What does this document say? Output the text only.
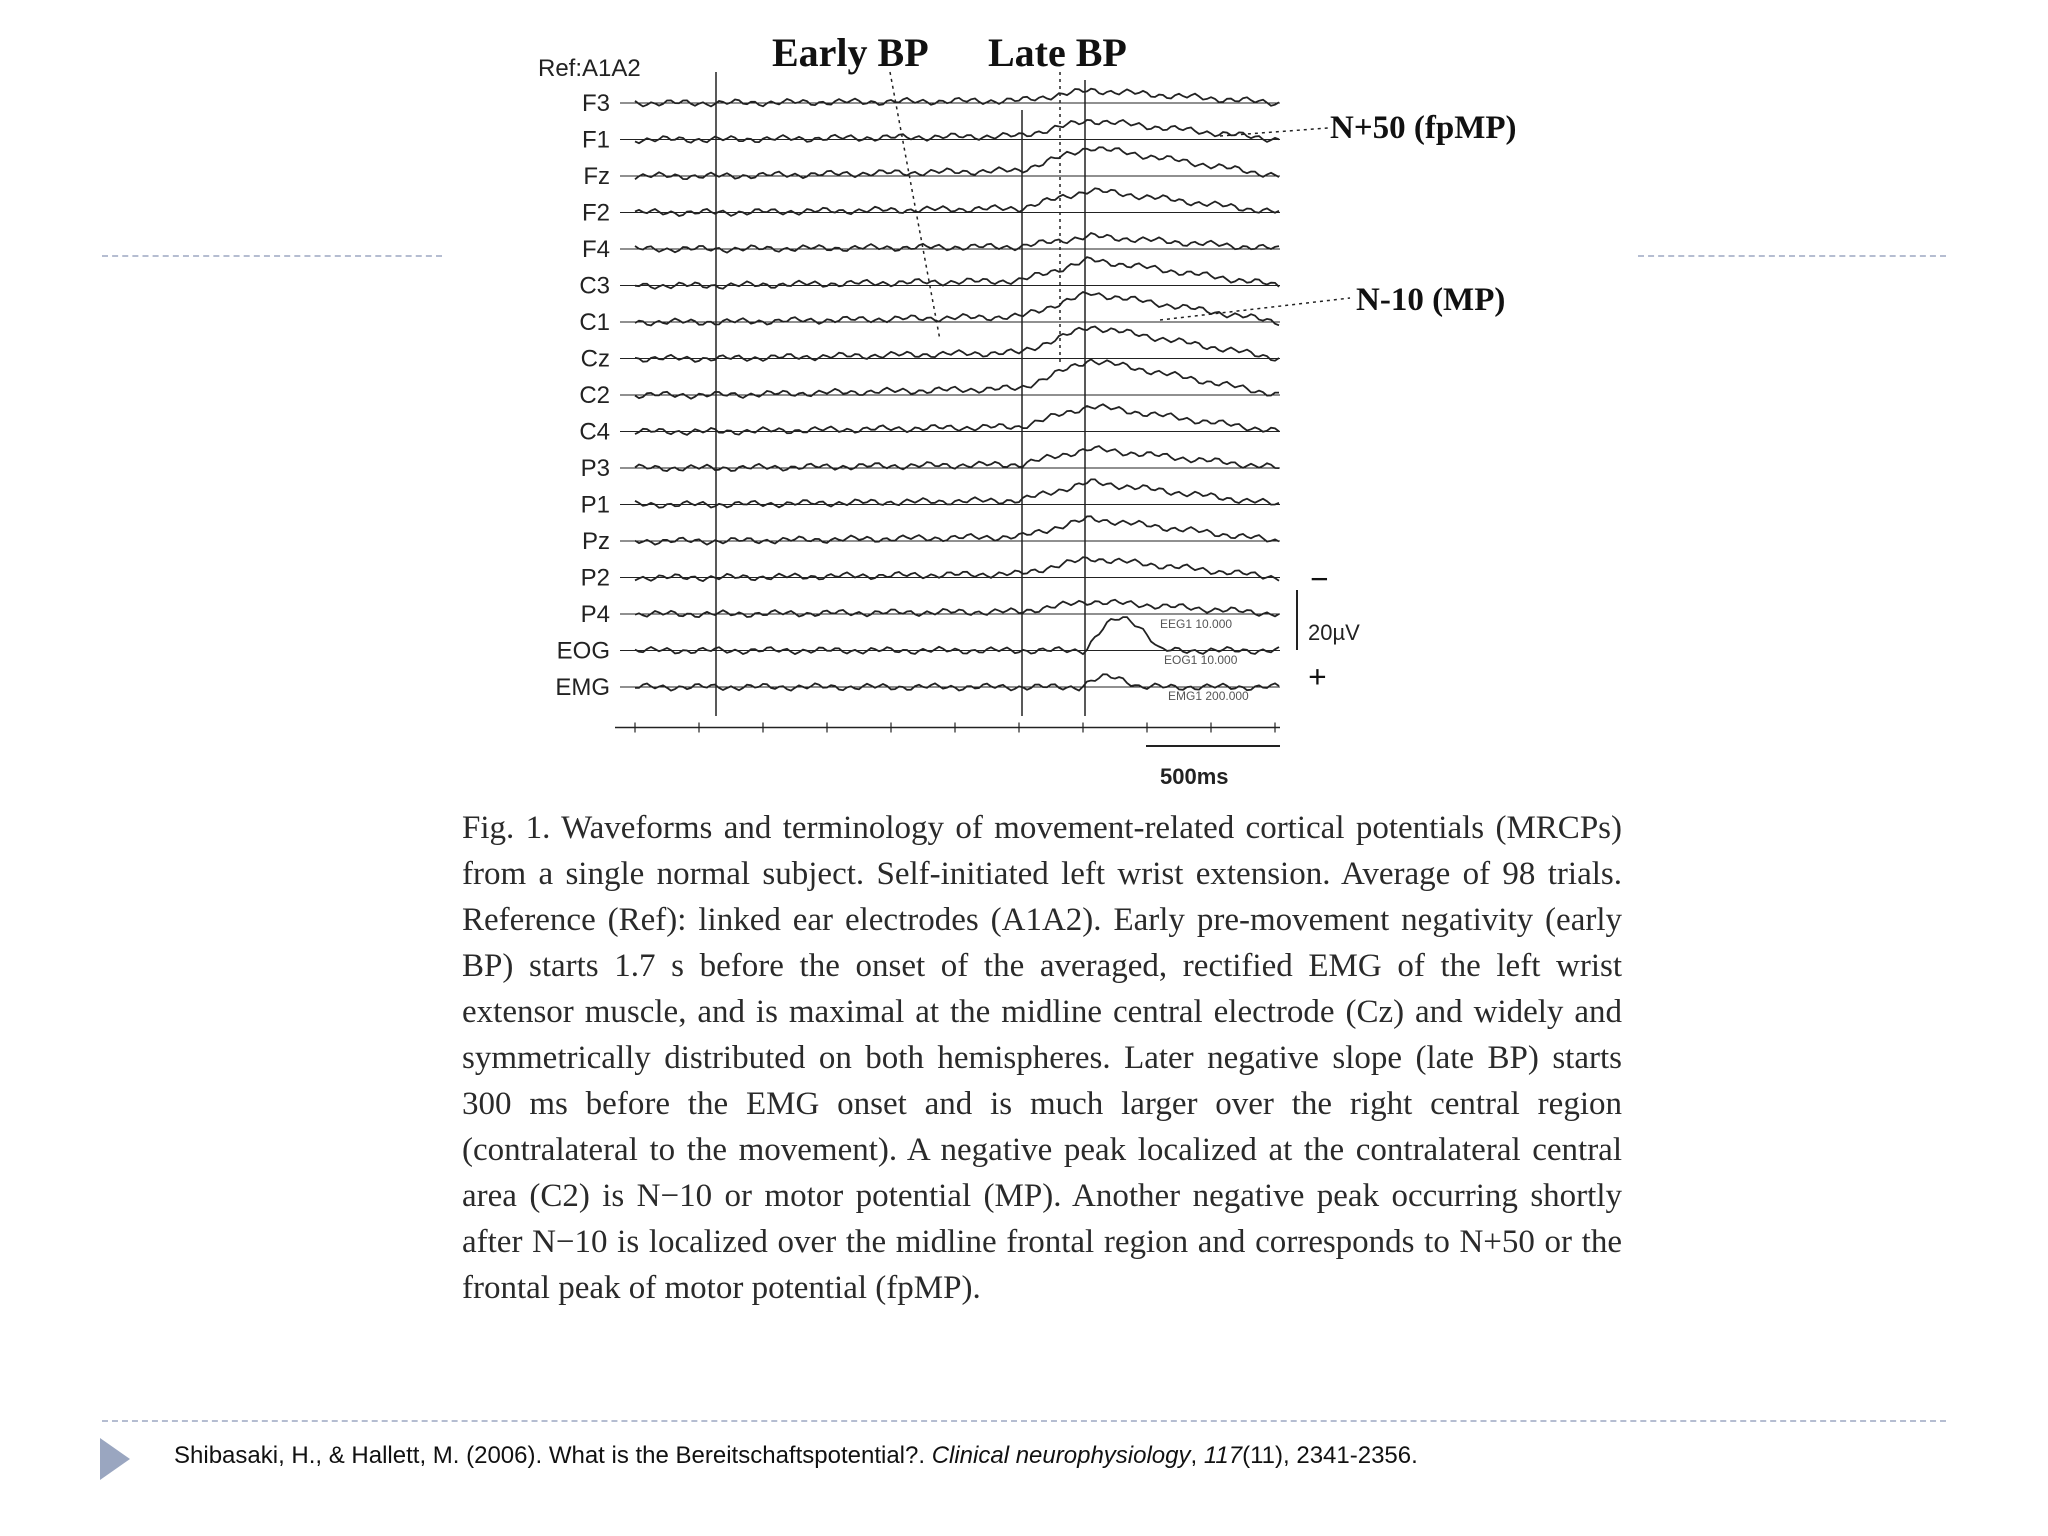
Ref:A1A2	Early BP Late BP
N+50 (fpMP)
N-10 (MP)
20µV
−
+
500ms
F3
F1
Fz
F2
F4
C3
C1
Cz
C2
C4
P3
P1
Pz
P2
P4
EOG
EMG
EEG1 10.000
EOG1 10.000
EMG1 200.000

Fig. 1. Waveforms and terminology of movement-related cortical potentials (MRCPs) from a single normal subject. Self-initiated left wrist extension. Average of 98 trials. Reference (Ref): linked ear electrodes (A1A2). Early pre-movement negativity (early BP) starts 1.7 s before the onset of the averaged, rectified EMG of the left wrist extensor muscle, and is maximal at the midline central electrode (Cz) and widely and symmetrically distributed on both hemispheres. Later negative slope (late BP) starts 300 ms before the EMG onset and is much larger over the right central region (contralateral to the movement). A negative peak localized at the contralateral central area (C2) is N−10 or motor potential (MP). Another negative peak occurring shortly after N−10 is localized over the midline frontal region and corresponds to N+50 or the frontal peak of motor potential (fpMP).

Shibasaki, H., & Hallett, M. (2006). What is the Bereitschaftspotential?. Clinical neurophysiology, 117(11), 2341-2356.
